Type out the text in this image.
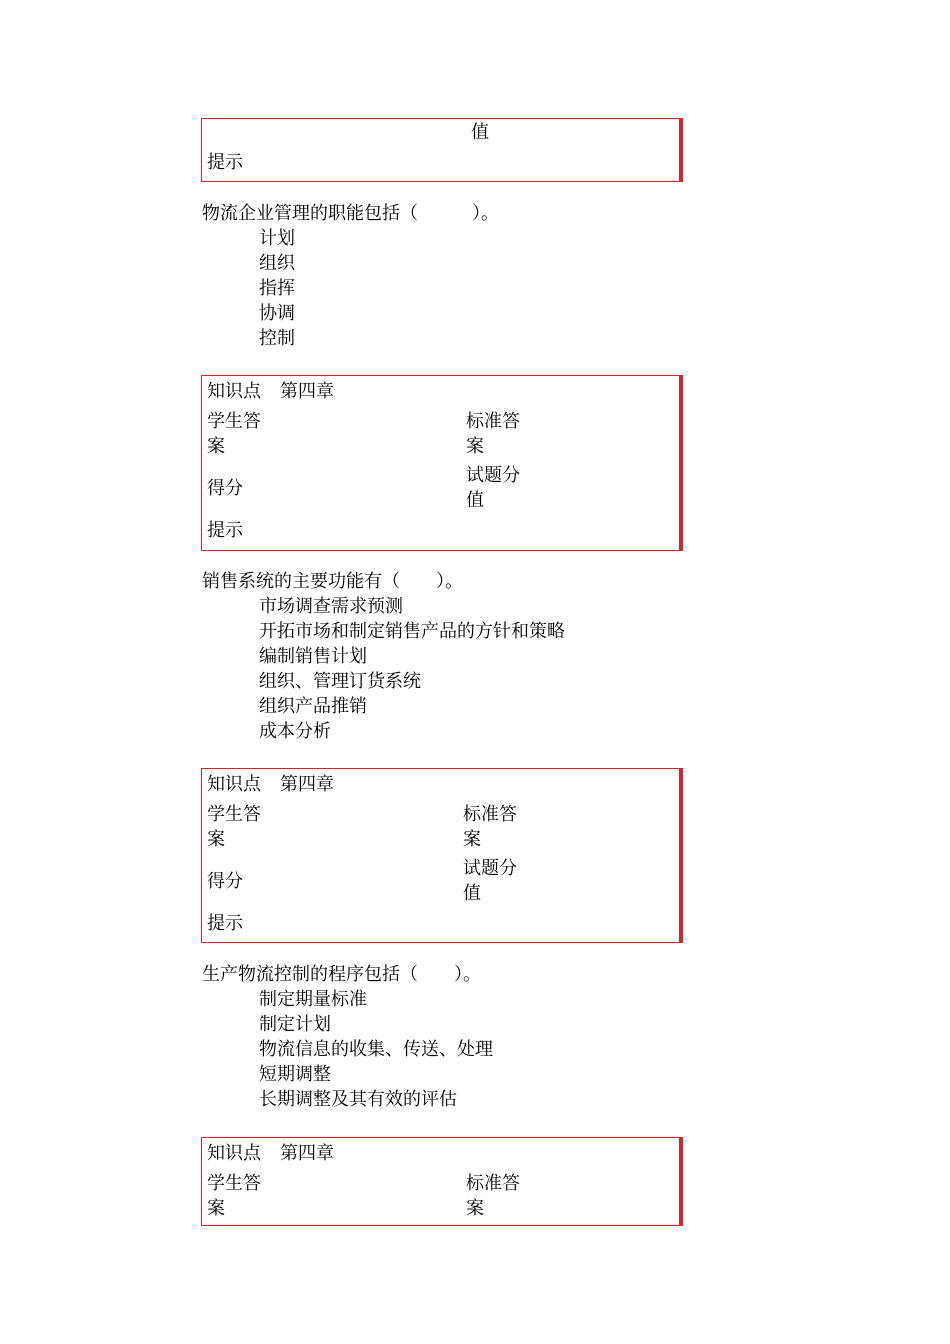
值
提示
物流企业管理的职能包括（　　　）。
计划
组织
指挥
协调
控制
知识点 第四章
学生答
案
标准答
案
得分
试题分
值
提示
销售系统的主要功能有（　　）。
市场调查需求预测
开拓市场和制定销售产品的方针和策略
编制销售计划
组织、管理订货系统
组织产品推销
成本分析
知识点 第四章
学生答
案
标准答
案
得分
试题分
值
提示
生产物流控制的程序包括（　　）。
制定期量标准
制定计划
物流信息的收集、传送、处理
短期调整
长期调整及其有效的评估
知识点 第四章
学生答
案
标准答
案
